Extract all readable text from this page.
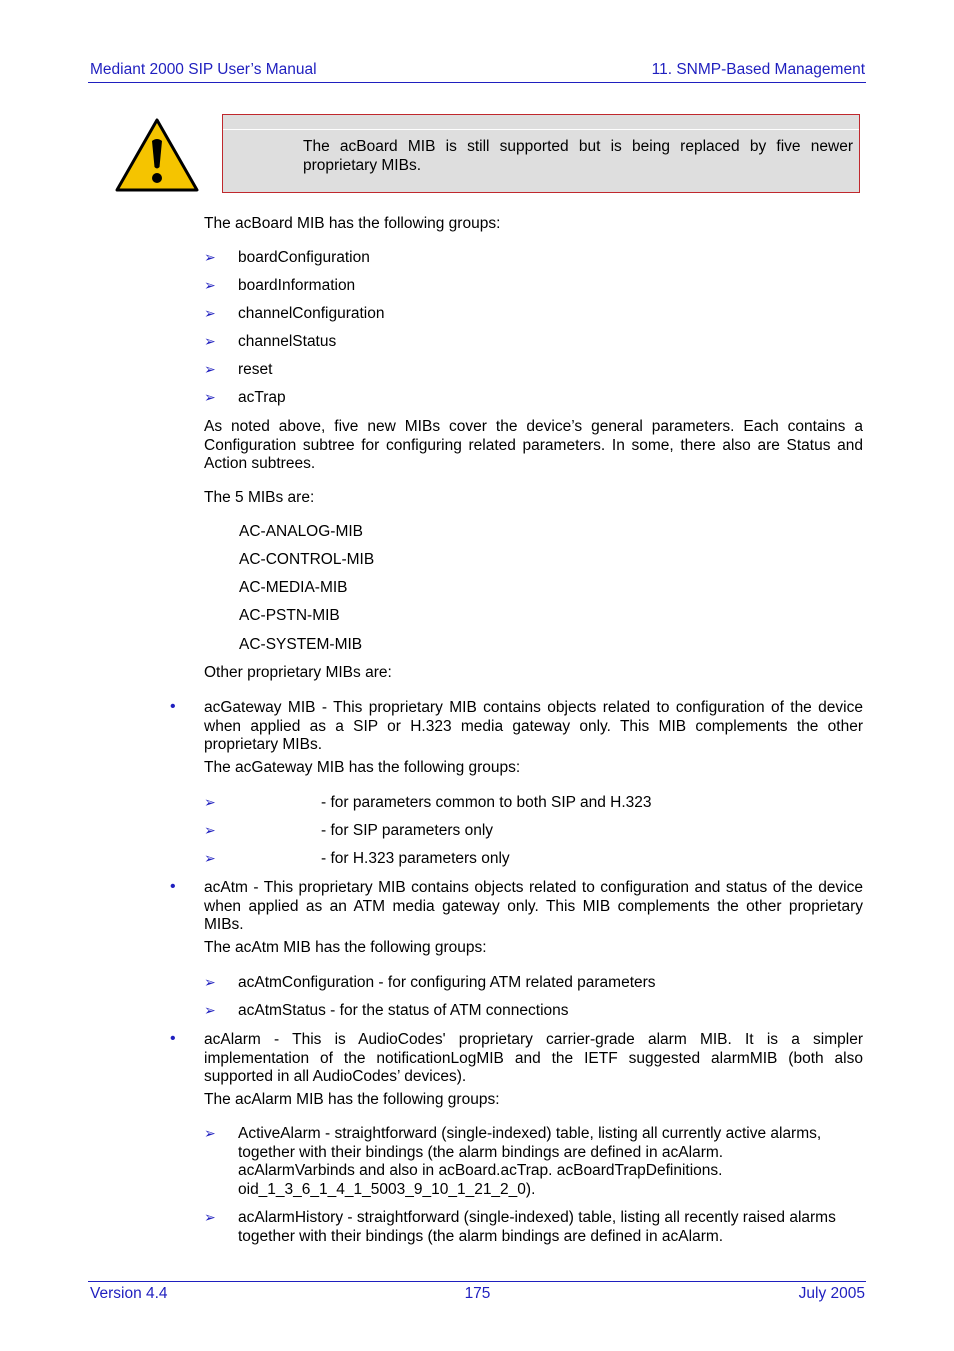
Mediant 2000 SIP User’s Manual	11. SNMP-Based Management
The acBoard MIB is still supported but is being replaced by five newer proprietary MIBs.
The acBoard MIB has the following groups:
➢ boardConfiguration
➢ boardInformation
➢ channelConfiguration
➢ channelStatus
➢ reset
➢ acTrap
As noted above, five new MIBs cover the device’s general parameters. Each contains a Configuration subtree for configuring related parameters. In some, there also are Status and Action subtrees.
The 5 MIBs are:
AC-ANALOG-MIB
AC-CONTROL-MIB
AC-MEDIA-MIB
AC-PSTN-MIB
AC-SYSTEM-MIB
Other proprietary MIBs are:
• acGateway MIB - This proprietary MIB contains objects related to configuration of the device when applied as a SIP or H.323 media gateway only. This MIB complements the other proprietary MIBs.
The acGateway MIB has the following groups:
➢	- for parameters common to both SIP and H.323
➢	- for SIP parameters only
➢	- for H.323 parameters only
• acAtm - This proprietary MIB contains objects related to configuration and status of the device when applied as an ATM media gateway only. This MIB complements the other proprietary MIBs.
The acAtm MIB has the following groups:
➢ acAtmConfiguration - for configuring ATM related parameters
➢ acAtmStatus - for the status of ATM connections
• acAlarm - This is AudioCodes' proprietary carrier-grade alarm MIB. It is a simpler implementation of the notificationLogMIB and the IETF suggested alarmMIB (both also supported in all AudioCodes’ devices).
The acAlarm MIB has the following groups:
➢ ActiveAlarm - straightforward (single-indexed) table, listing all currently active alarms,
together with their bindings (the alarm bindings are defined in acAlarm.
acAlarmVarbinds and also in acBoard.acTrap. acBoardTrapDefinitions.
oid_1_3_6_1_4_1_5003_9_10_1_21_2_0).
➢ acAlarmHistory - straightforward (single-indexed) table, listing all recently raised alarms
together with their bindings (the alarm bindings are defined in acAlarm.
Version 4.4	175	July 2005
